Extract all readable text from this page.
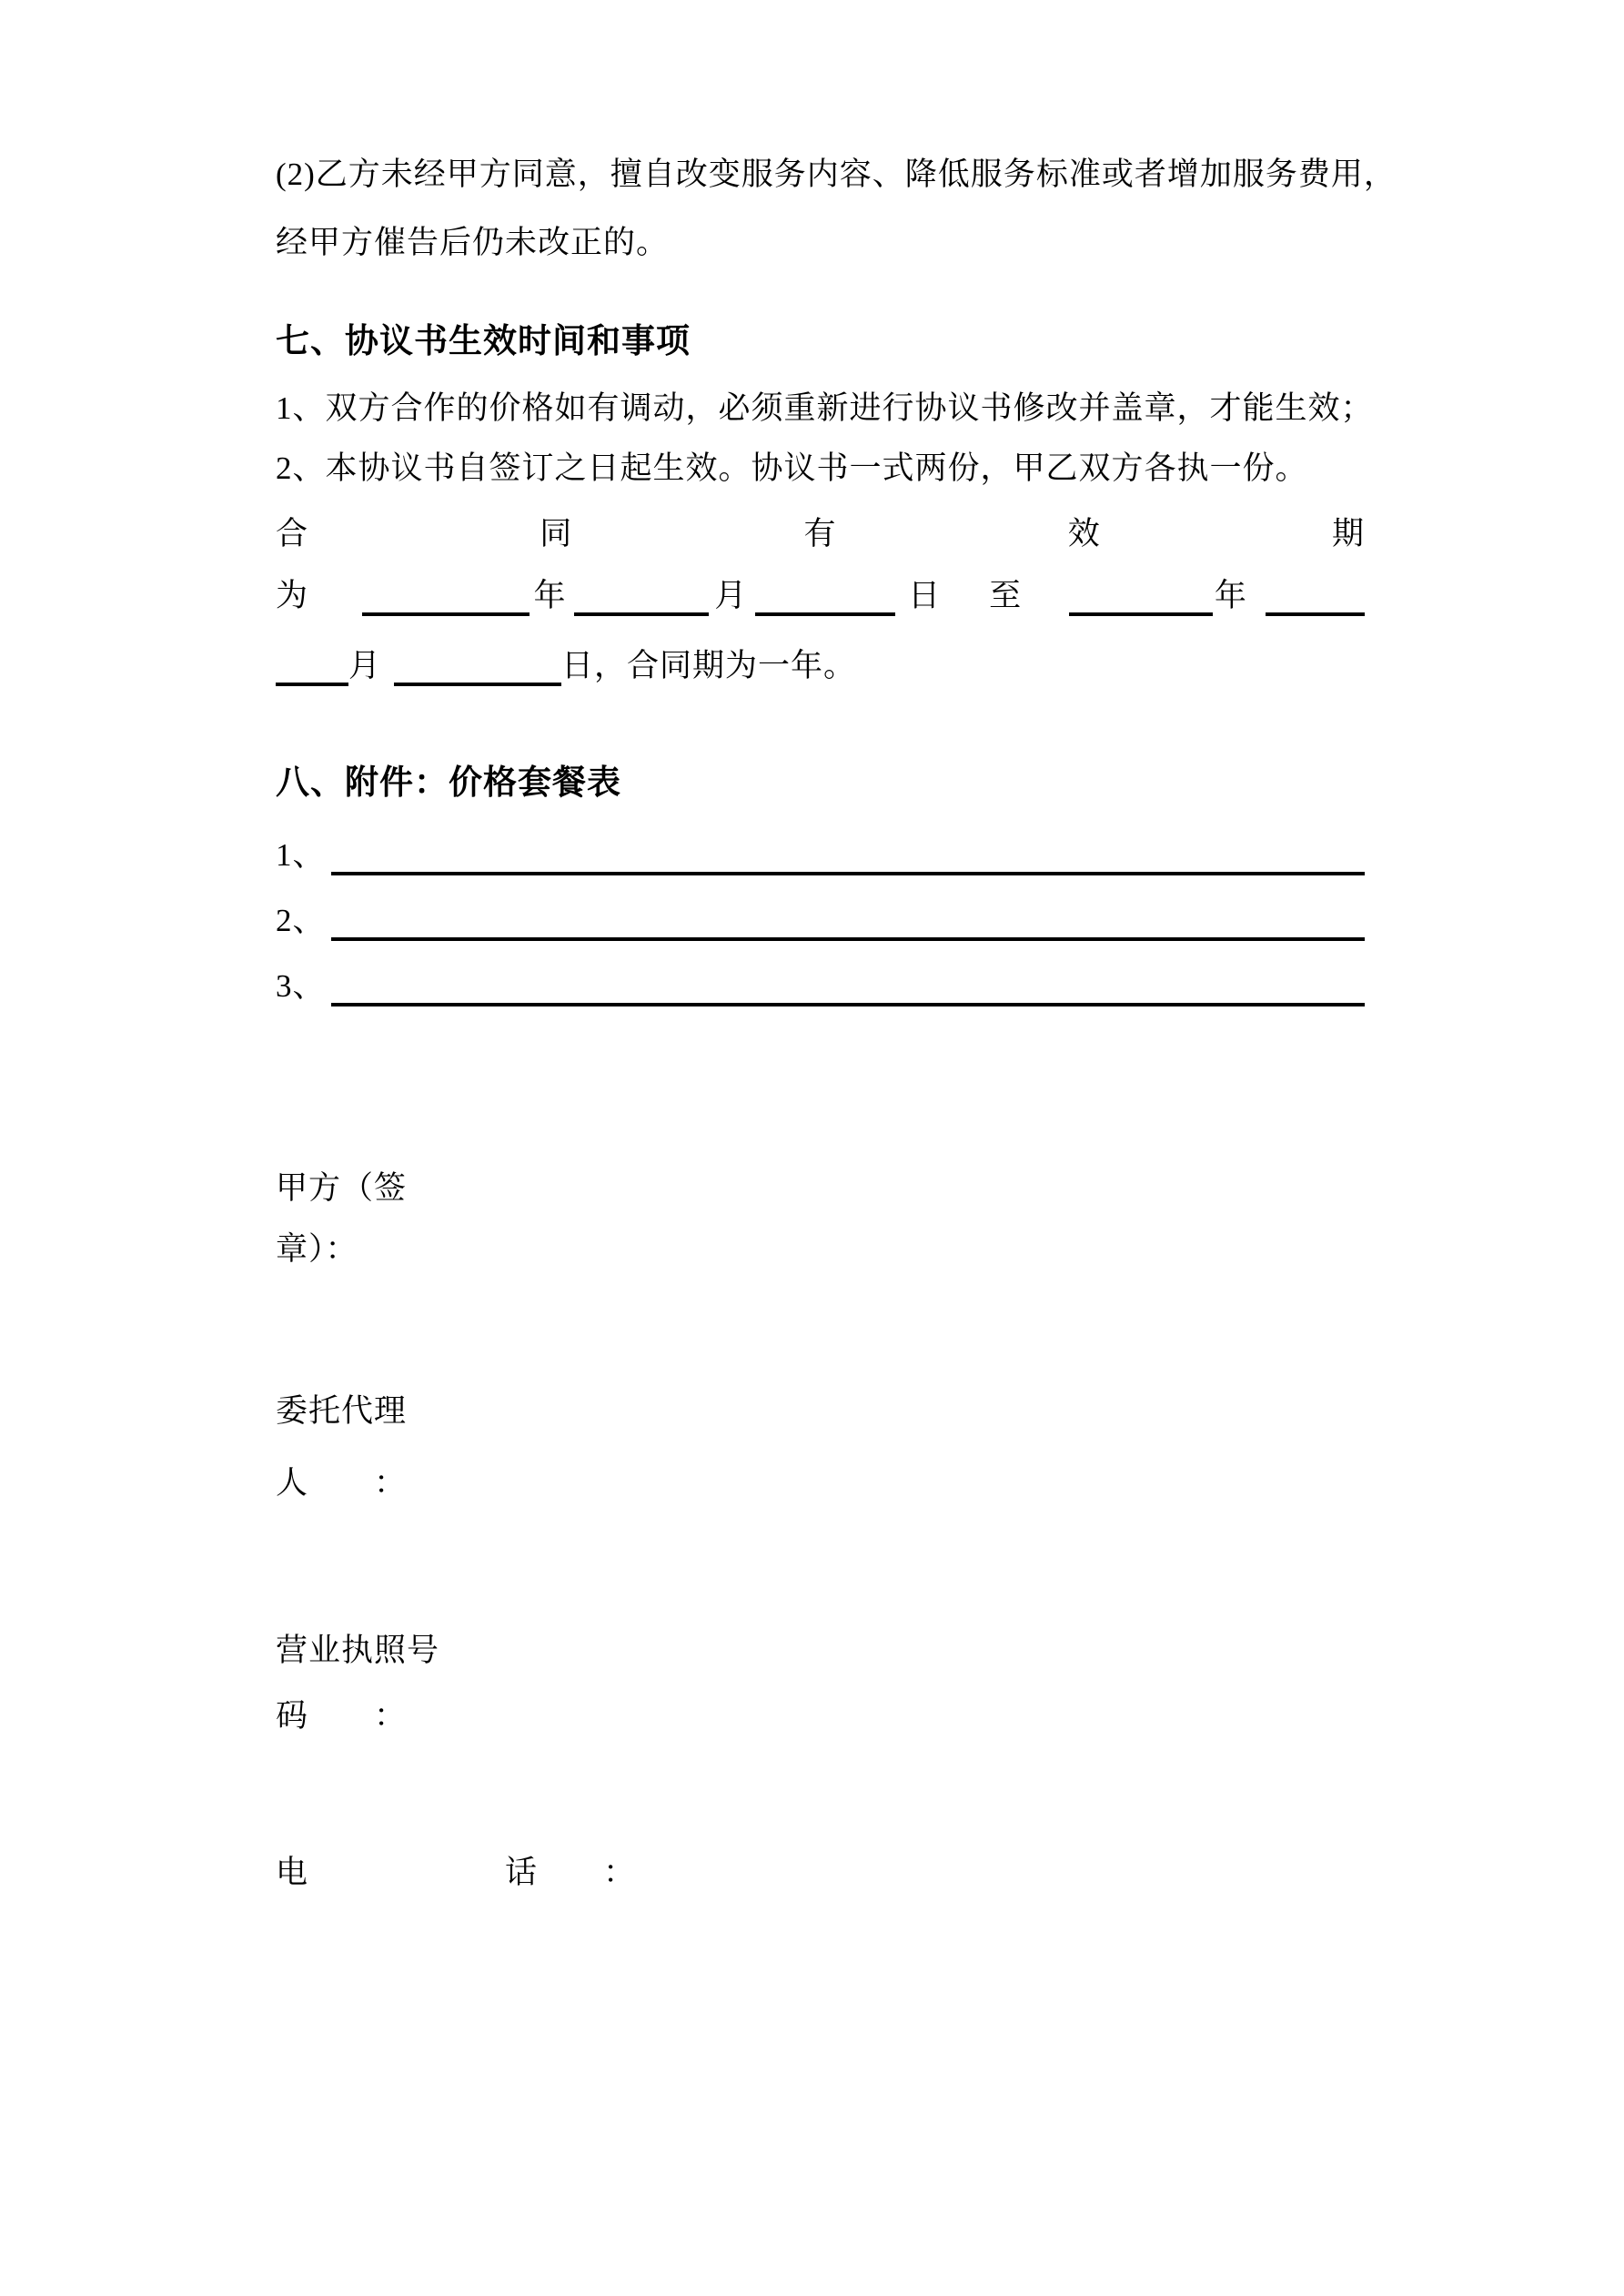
(2)乙方未经甲方同意，擅自改变服务内容、降低服务标准或者增加服务费用，
经甲方催告后仍未改正的。
七、协议书生效时间和事项
1、双方合作的价格如有调动，必须重新进行协议书修改并盖章，才能生效；
2、本协议书自签订之日起生效。协议书一式两份，甲乙双方各执一份。
合	同	有	效	期
为	年	月	日 至	年
月	日 ，合同期为一年。
八、附件：价格套餐表
1、
2、
3、
甲方（签
章）：
委托代理
人　　：
营业执照号
码　　：
电　　　　　　话　　：
